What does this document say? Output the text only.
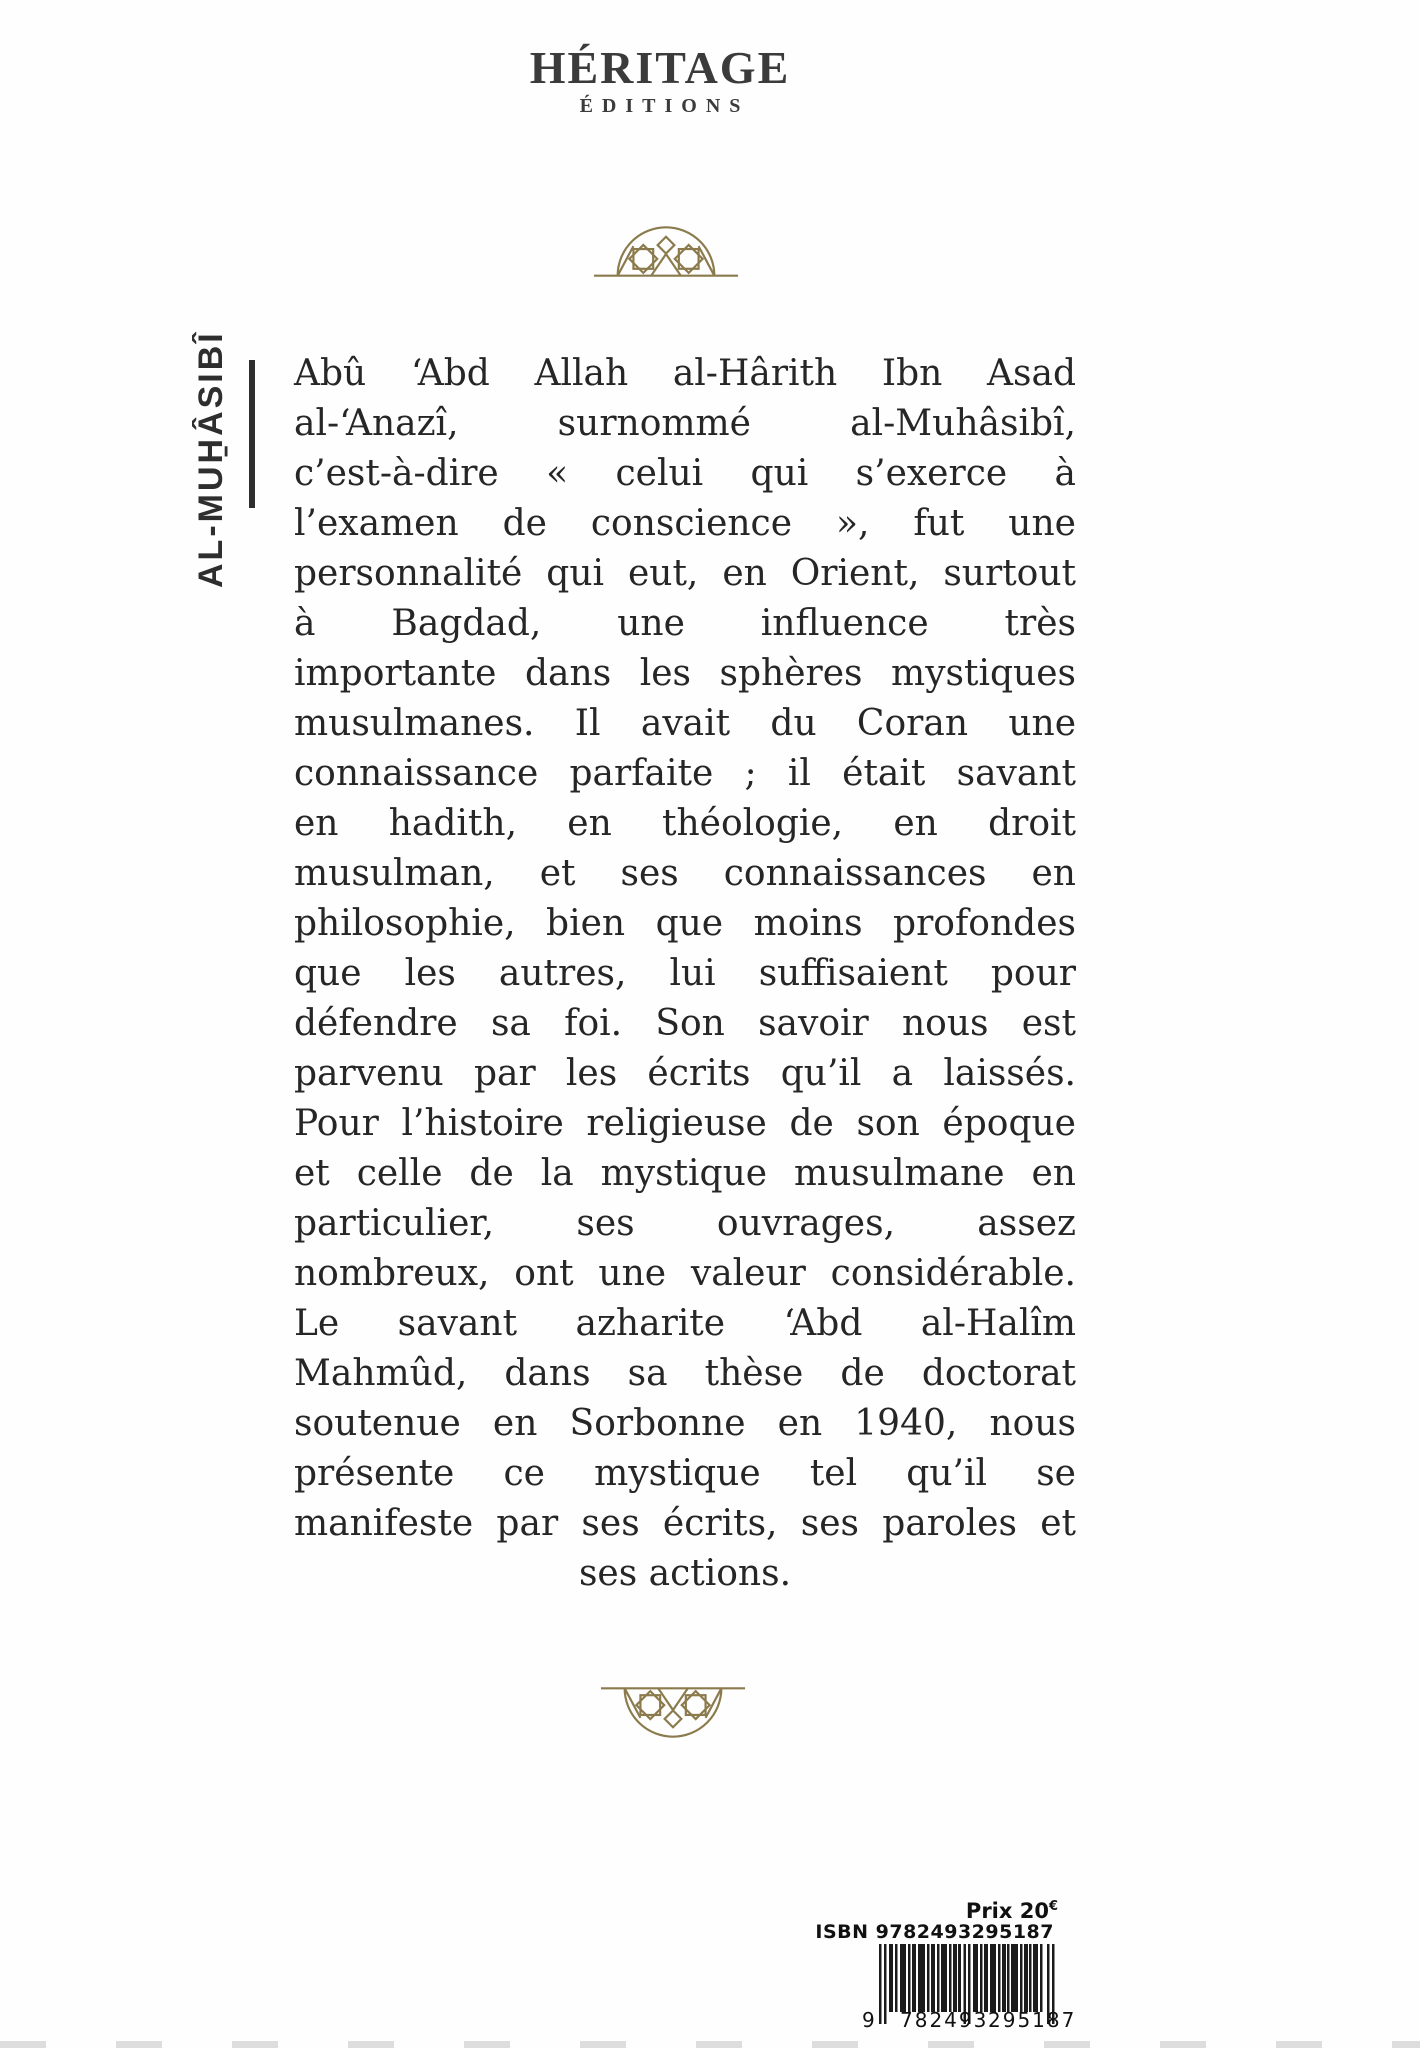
HÉRITAGE
ÉDITIONS
AL-MUH̱ÂSIBÎ Abû ‘Abd Allah al-Hârith Ibn Asad
al-‘Anazî, surnommé al-Muhâsibî,
c’est-à-dire « celui qui s’exerce à
l’examen de conscience », fut une
personnalité qui eut, en Orient, surtout
à Bagdad, une influence très
importante dans les sphères mystiques
musulmanes. Il avait du Coran une
connaissance parfaite ; il était savant
en hadith, en théologie, en droit
musulman, et ses connaissances en
philosophie, bien que moins profondes
que les autres, lui suffisaient pour
défendre sa foi. Son savoir nous est
parvenu par les écrits qu’il a laissés.
Pour l’histoire religieuse de son époque
et celle de la mystique musulmane en
particulier, ses ouvrages, assez
nombreux, ont une valeur considérable.
Le savant azharite ‘Abd al-Halîm
Mahmûd, dans sa thèse de doctorat
soutenue en Sorbonne en 1940, nous
présente ce mystique tel qu’il se
manifeste par ses écrits, ses paroles et
ses actions.
Prix 20€
ISBN 9782493295187
9 782493 295187
